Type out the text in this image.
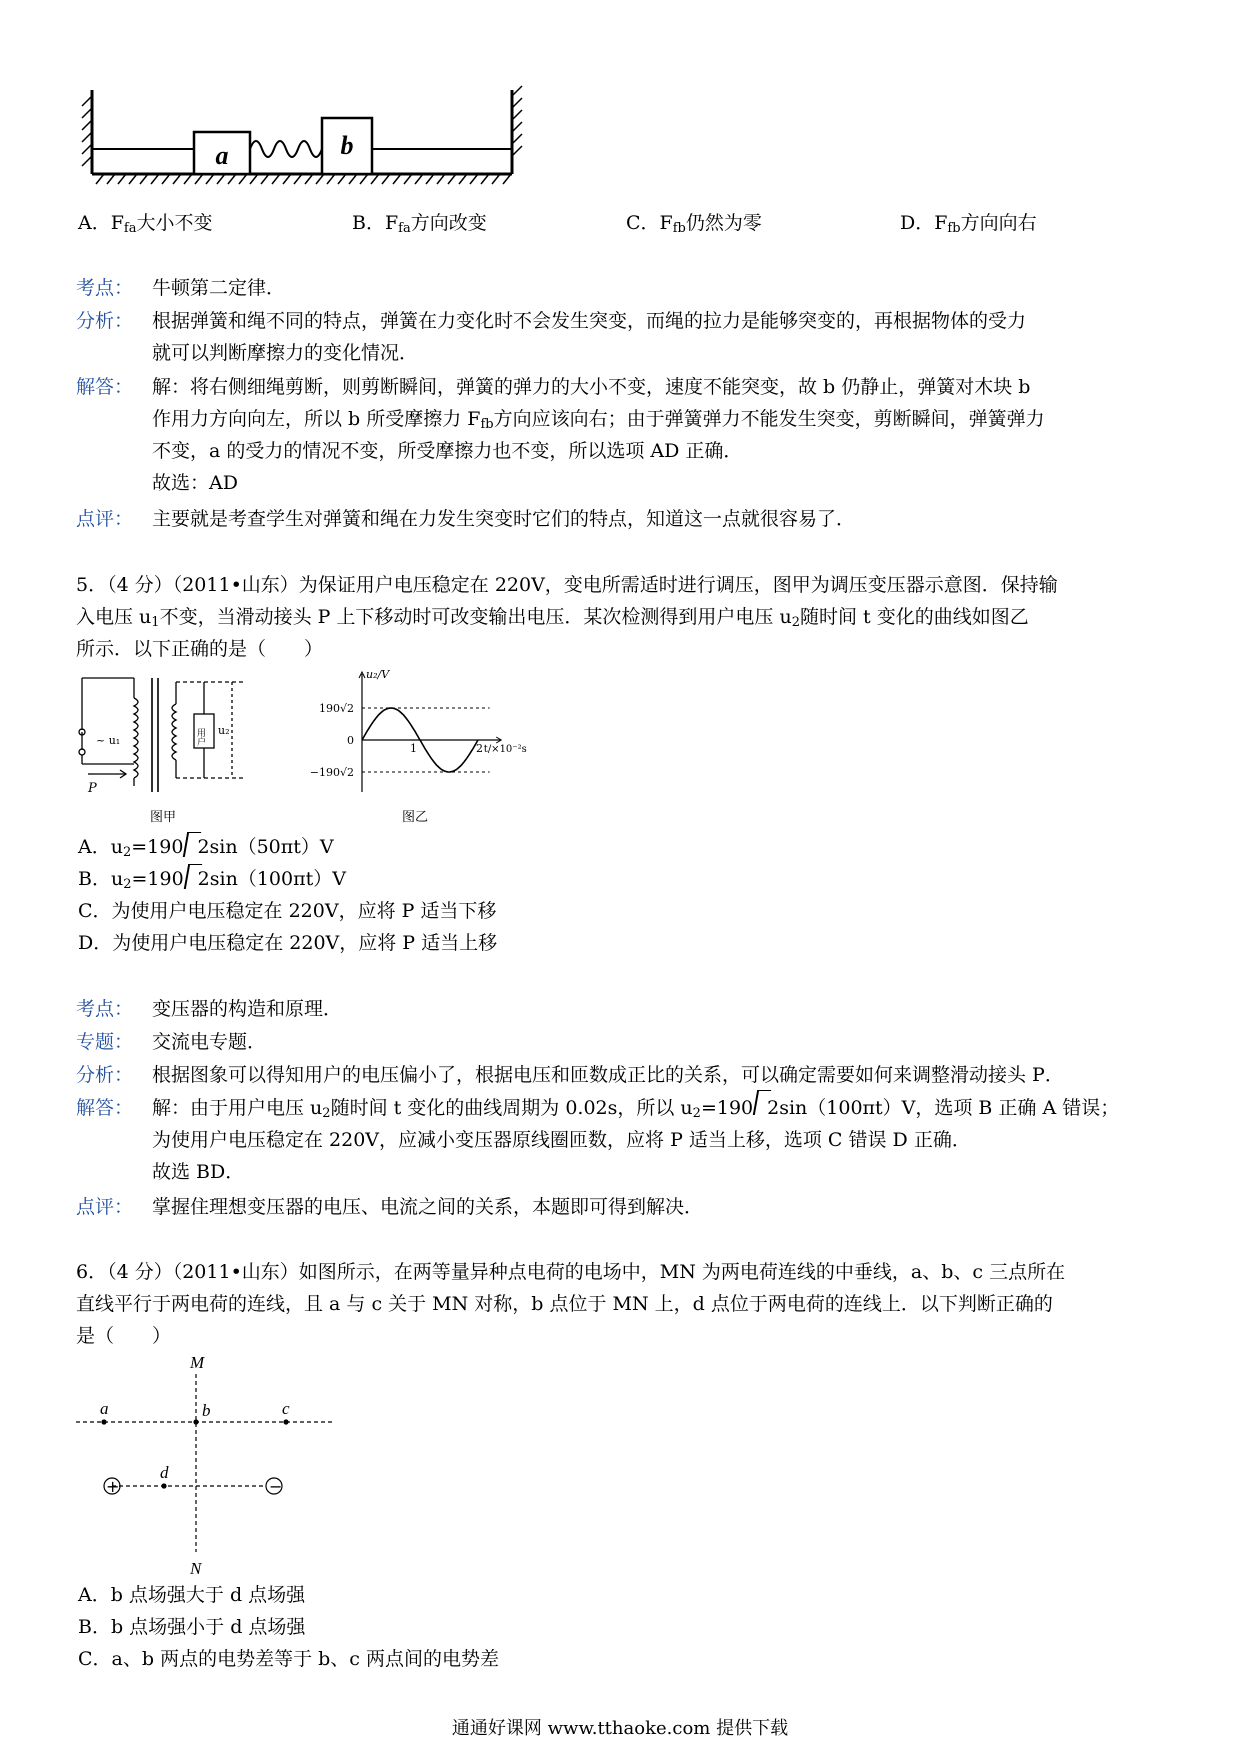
a	b
A．$F_{fa}$大小不变	B．$F_{fa}$方向改变	C．$F_{fb}$仍然为零	D．$F_{fb}$方向向右
考点： 牛顿第二定律．
分析： 根据弹簧和绳不同的特点，弹簧在力变化时不会发生突变，而绳的拉力是能够突变的，再根据物体的受力
就可以判断摩擦力的变化情况．
解答： 解：将右侧细绳剪断，则剪断瞬间，弹簧的弹力的大小不变，速度不能突变，故 b 仍静止，弹簧对木块 b
作用力方向向左，所以 b 所受摩擦力 $F_{fb}$方向应该向右；由于弹簧弹力不能发生突变，剪断瞬间，弹簧弹力
不变，a 的受力的情况不变，所受摩擦力也不变，所以选项 AD 正确．
故选：AD
点评： 主要就是考查学生对弹簧和绳在力发生突变时它们的特点，知道这一点就很容易了．
5．（4 分）（2011•山东）为保证用户电压稳定在 220V，变电所需适时进行调压，图甲为调压变压器示意图．保持输
入电压 $u_1$不变，当滑动接头 P 上下移动时可改变输出电压．某次检测得到用户电压 $u_2$随时间 t 变化的曲线如图乙
所示．以下正确的是（　　）
~ u₁
u₂
用户
P
图甲
u₂/V
t/×10⁻²s
190√2
0
−190√2
1	2
图乙
A．$u_2=190$ 2sin（50πt）V
B．$u_2=190$ 2sin（100πt）V
C．为使用户电压稳定在 220V，应将 P 适当下移
D．为使用户电压稳定在 220V，应将 P 适当上移
考点： 变压器的构造和原理．
专题： 交流电专题．
分析： 根据图象可以得知用户的电压偏小了，根据电压和匝数成正比的关系，可以确定需要如何来调整滑动接头 P．
解答： 解：由于用户电压 $u_2$随时间 t 变化的曲线周期为 0.02s，所以 $u_2=190$ 2sin（100πt）V，选项 B 正确 A 错误；
为使用户电压稳定在 220V，应减小变压器原线圈匝数，应将 P 适当上移，选项 C 错误 D 正确．
故选 BD．
点评： 掌握住理想变压器的电压、电流之间的关系，本题即可得到解决．
6．（4 分）（2011•山东）如图所示，在两等量异种点电荷的电场中，MN 为两电荷连线的中垂线，a、b、c 三点所在
直线平行于两电荷的连线，且 a 与 c 关于 MN 对称，b 点位于 MN 上，d 点位于两电荷的连线上．以下判断正确的
是（　　）
M
N
a	b	c
d
+	−
A．b 点场强大于 d 点场强
B．b 点场强小于 d 点场强
C．a、b 两点的电势差等于 b、c 两点间的电势差
通通好课网 www.tthaoke.com 提供下载
